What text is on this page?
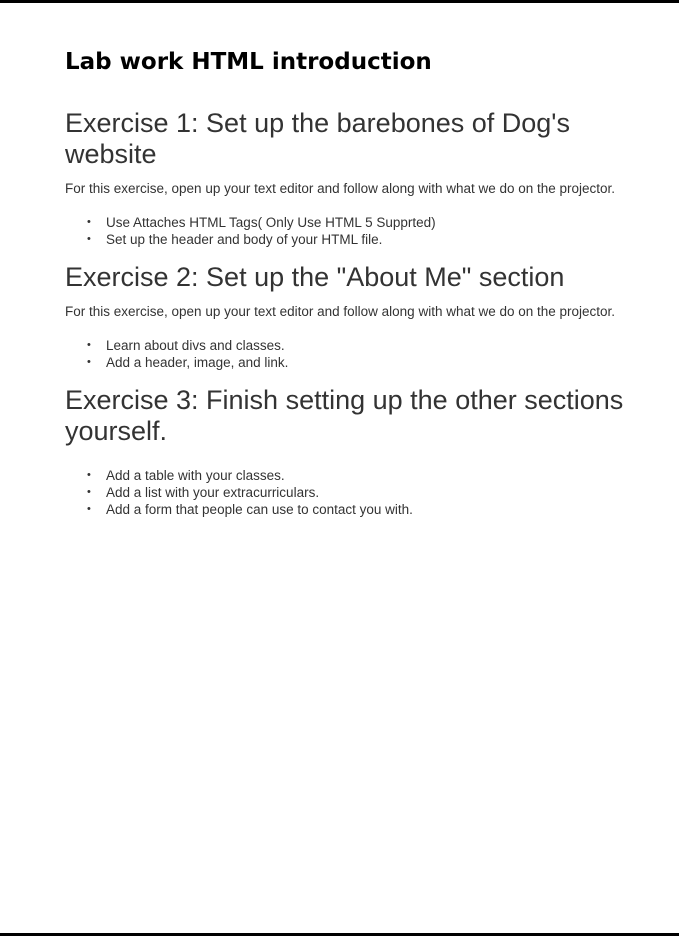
Lab work HTML introduction
Exercise 1: Set up the barebones of Dog's website

For this exercise, open up your text editor and follow along with what we do on the projector.

• Use Attaches HTML Tags( Only Use HTML 5 Supprted)
• Set up the header and body of your HTML file.
Exercise 2: Set up the "About Me" section

For this exercise, open up your text editor and follow along with what we do on the projector.

• Learn about divs and classes.
• Add a header, image, and link.
Exercise 3: Finish setting up the other sections yourself.
• Add a table with your classes.
• Add a list with your extracurriculars.
• Add a form that people can use to contact you with.
